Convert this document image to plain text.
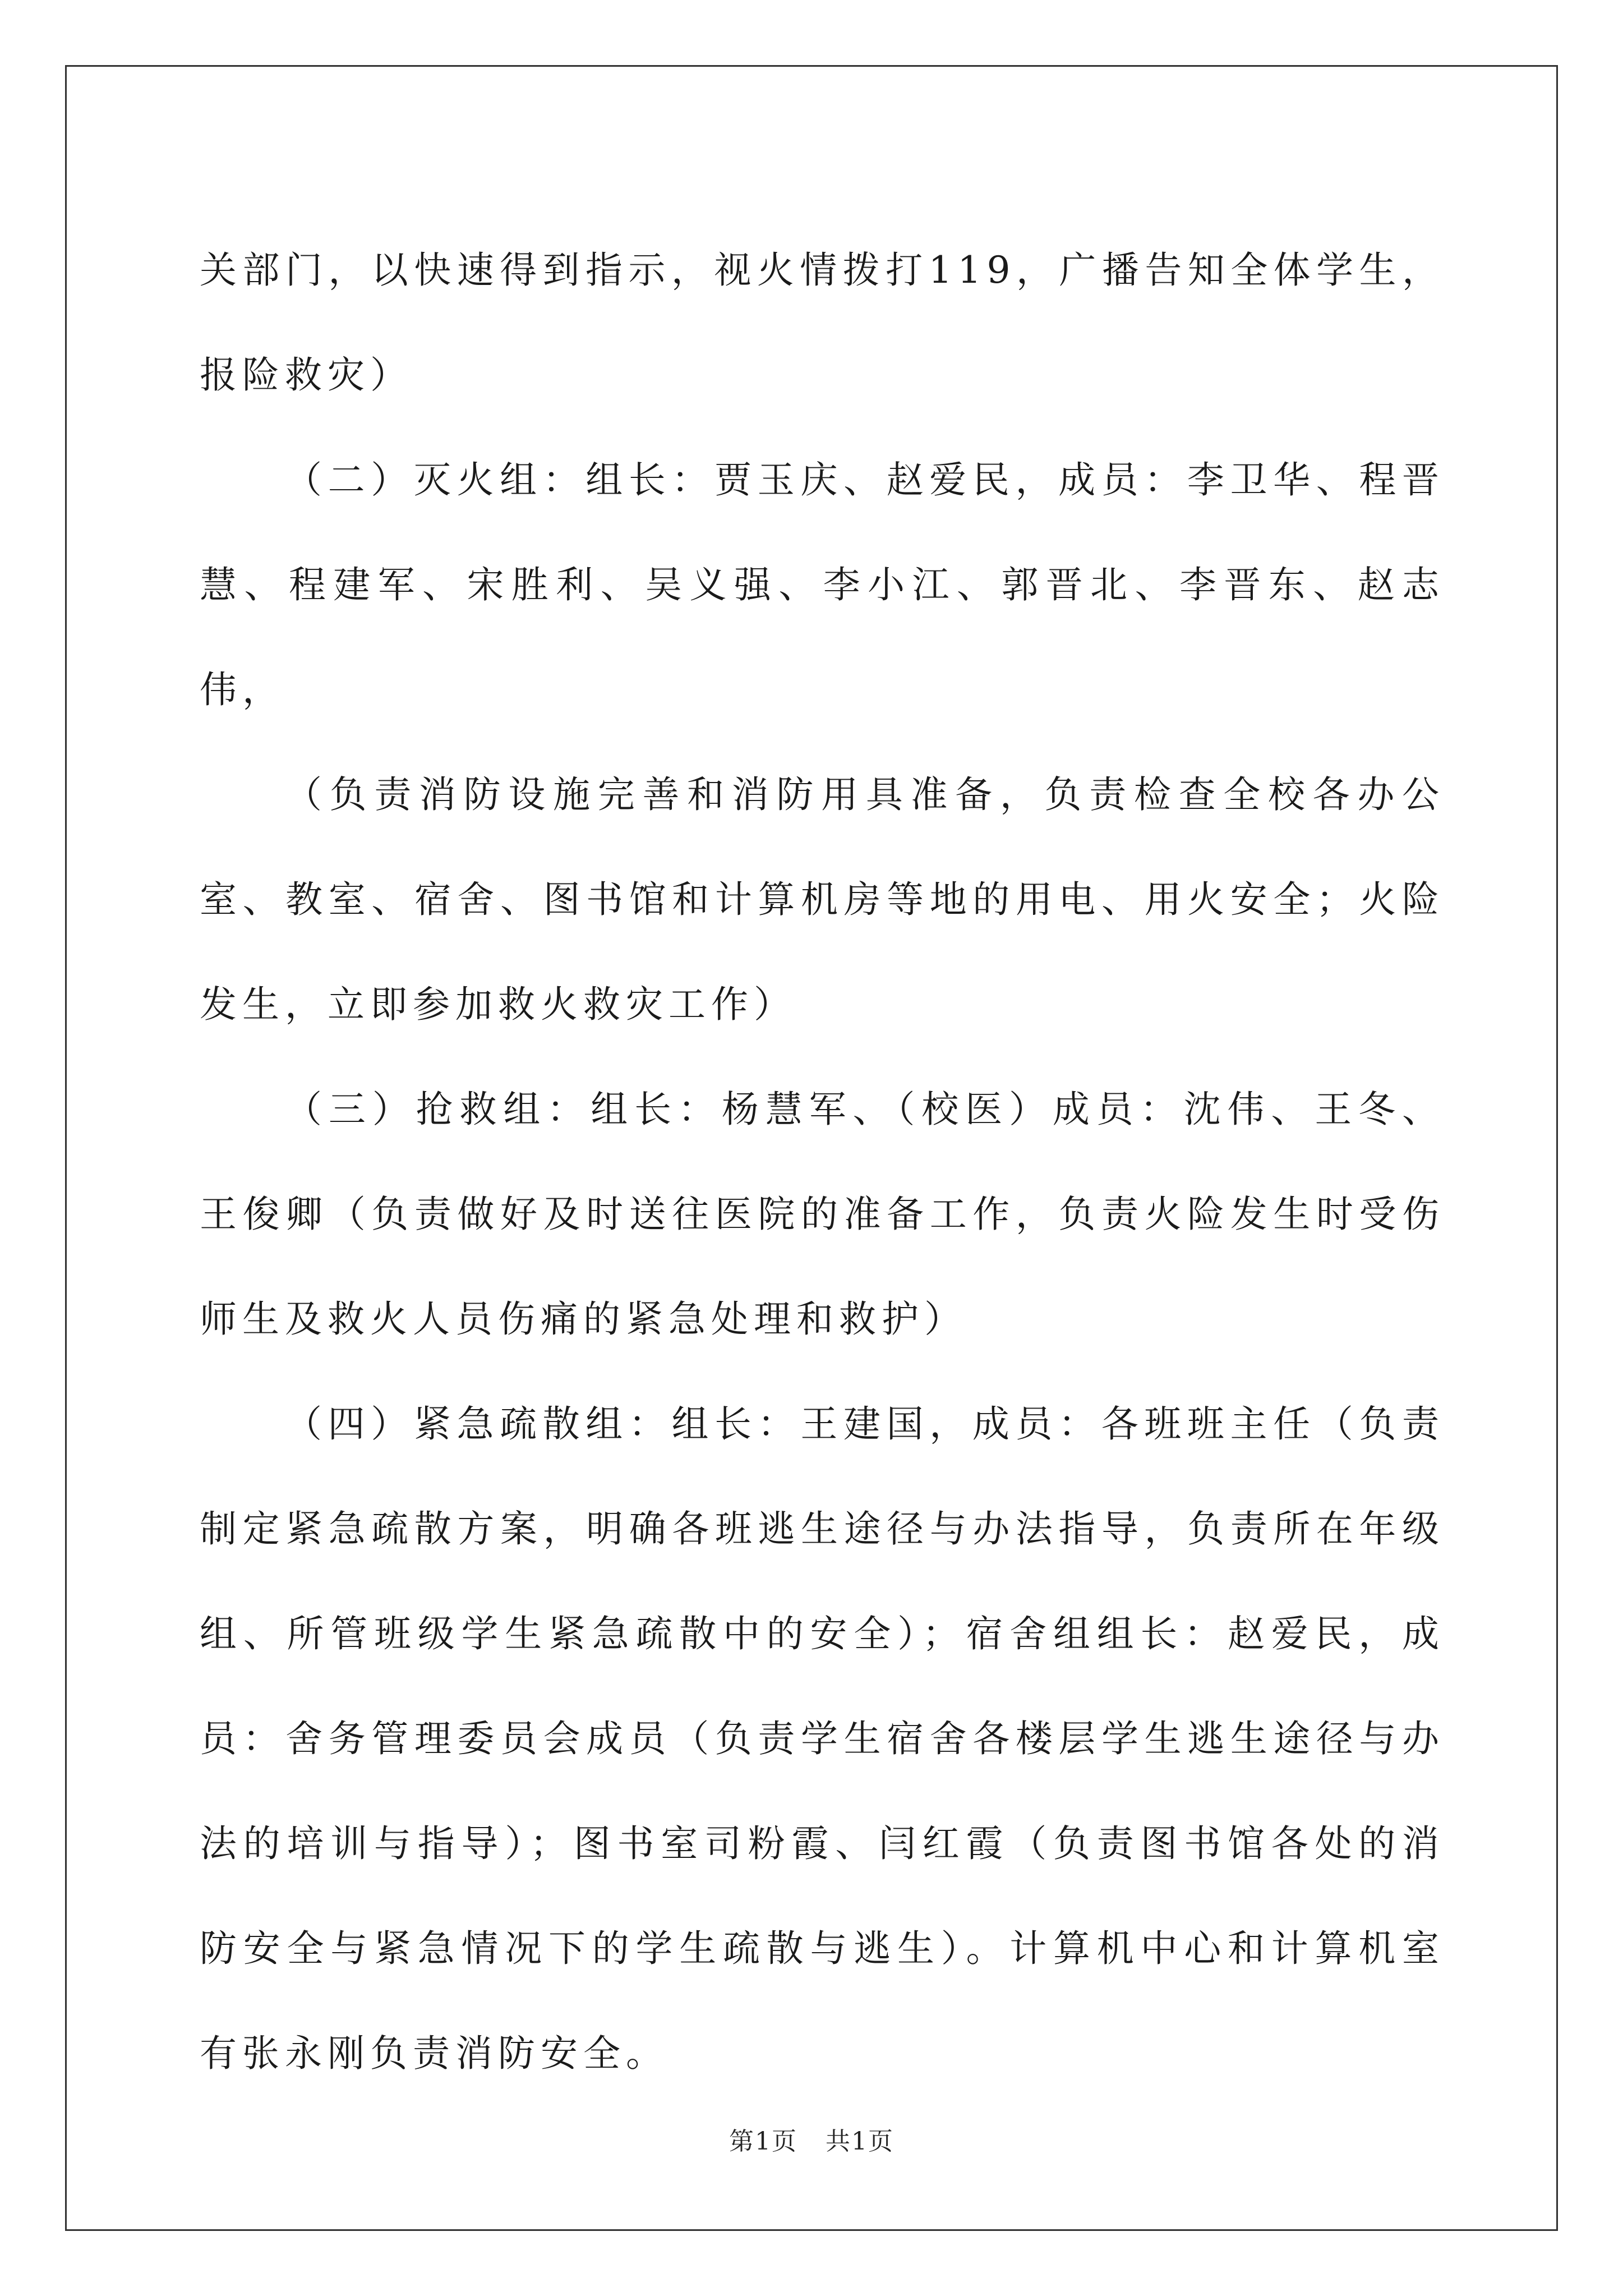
关部门，以快速得到指示，视火情拨打119，广播告知全体学生，报险救灾）

（二）灭火组：组长：贾玉庆、赵爱民，成员：李卫华、程晋慧、程建军、宋胜利、吴义强、李小江、郭晋北、李晋东、赵志伟，

（负责消防设施完善和消防用具准备，负责检查全校各办公室、教室、宿舍、图书馆和计算机房等地的用电、用火安全；火险发生，立即参加救火救灾工作）

（三）抢救组：组长：杨慧军、（校医）成员：沈伟、王冬、王俊卿（负责做好及时送往医院的准备工作，负责火险发生时受伤师生及救火人员伤痛的紧急处理和救护）

（四）紧急疏散组：组长：王建国，成员：各班班主任（负责制定紧急疏散方案，明确各班逃生途径与办法指导，负责所在年级组、所管班级学生紧急疏散中的安全）；宿舍组组长：赵爱民，成员：舍务管理委员会成员（负责学生宿舍各楼层学生逃生途径与办法的培训与指导）；图书室司粉霞、闫红霞（负责图书馆各处的消防安全与紧急情况下的学生疏散与逃生）。计算机中心和计算机室有张永刚负责消防安全。

第1页 共1页
